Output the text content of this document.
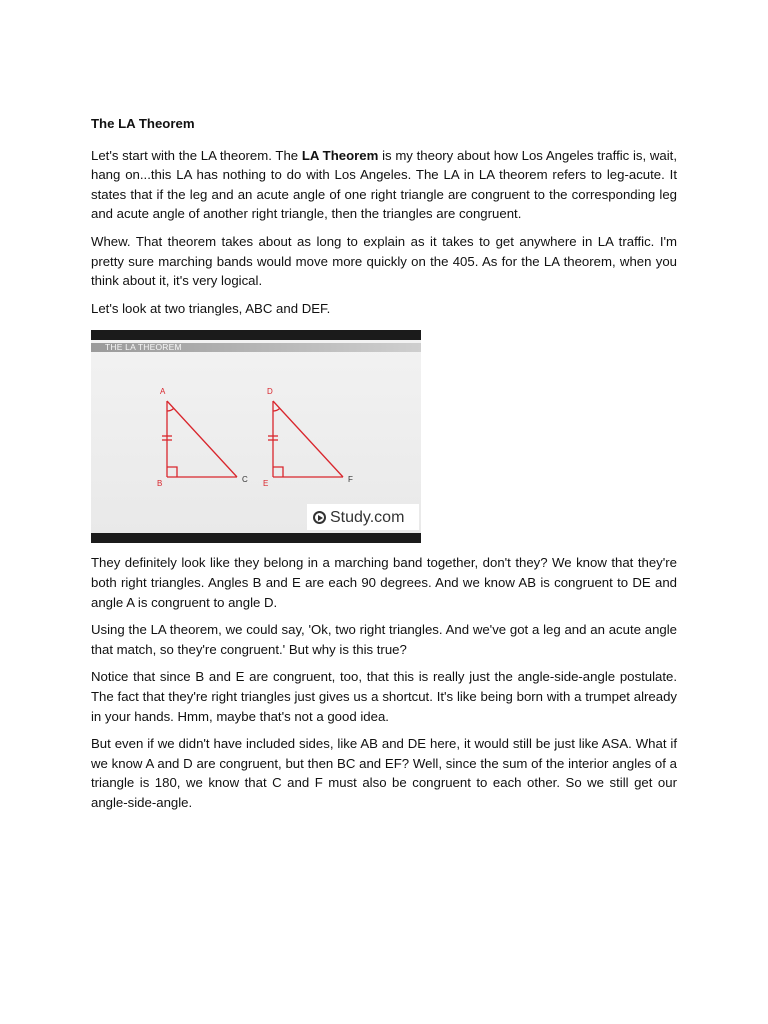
The LA Theorem

Let's start with the LA theorem. The LA Theorem is my theory about how Los Angeles traffic is, wait, hang on...this LA has nothing to do with Los Angeles. The LA in LA theorem refers to leg-acute. It states that if the leg and an acute angle of one right triangle are congruent to the corresponding leg and acute angle of another right triangle, then the triangles are congruent.

Whew. That theorem takes about as long to explain as it takes to get anywhere in LA traffic. I'm pretty sure marching bands would move more quickly on the 405. As for the LA theorem, when you think about it, it's very logical.

Let's look at two triangles, ABC and DEF.

THE LA THEOREM
A
B	C
D
E	F
Study.com

They definitely look like they belong in a marching band together, don't they? We know that they're both right triangles. Angles B and E are each 90 degrees. And we know AB is congruent to DE and angle A is congruent to angle D.

Using the LA theorem, we could say, 'Ok, two right triangles. And we've got a leg and an acute angle that match, so they're congruent.' But why is this true?

Notice that since B and E are congruent, too, that this is really just the angle-side-angle postulate. The fact that they're right triangles just gives us a shortcut. It's like being born with a trumpet already in your hands. Hmm, maybe that's not a good idea.

But even if we didn't have included sides, like AB and DE here, it would still be just like ASA. What if we know A and D are congruent, but then BC and EF? Well, since the sum of the interior angles of a triangle is 180, we know that C and F must also be congruent to each other. So we still get our angle-side-angle.
